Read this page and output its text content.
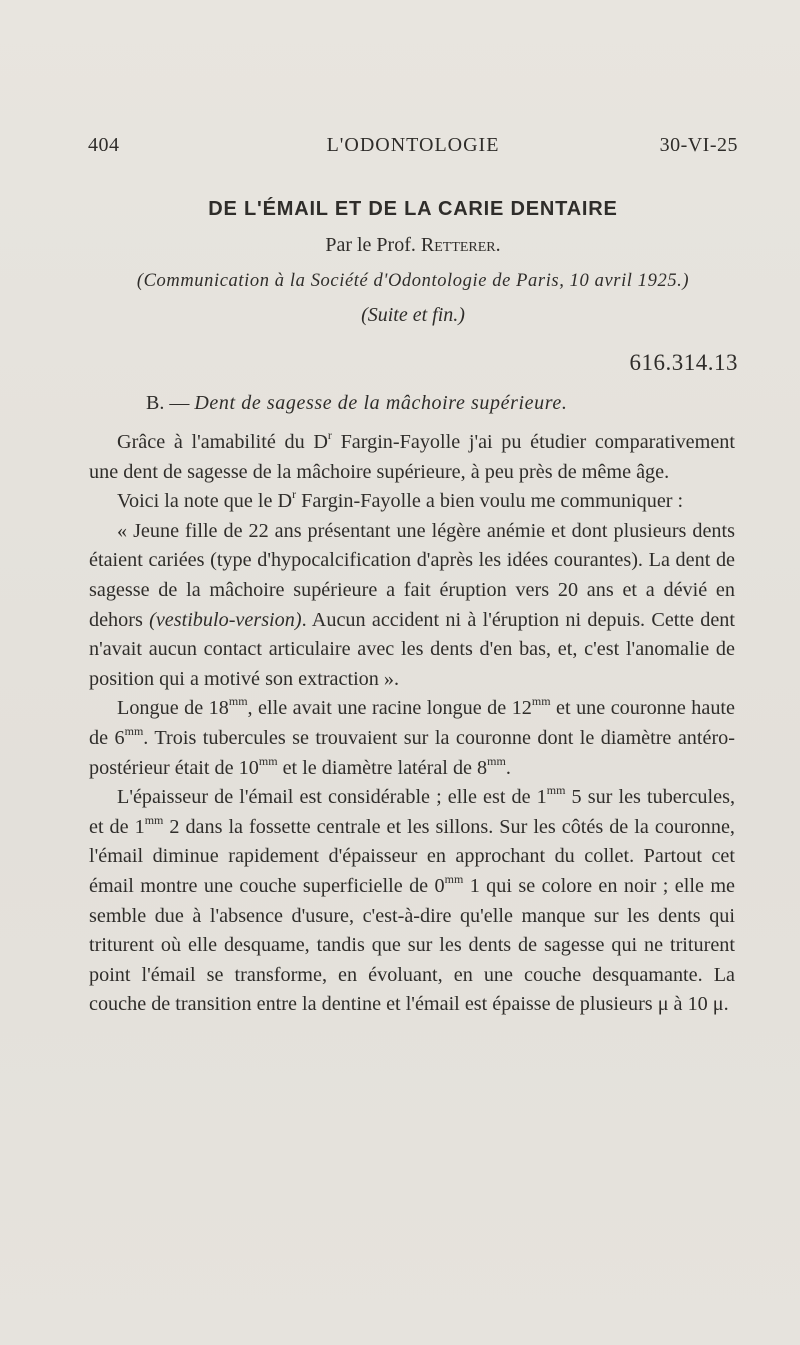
404	L'ODONTOLOGIE	30-VI-25
DE L'ÉMAIL ET DE LA CARIE DENTAIRE
Par le Prof. Retterer.
(Communication à la Société d'Odontologie de Paris, 10 avril 1925.)
(Suite et fin.)
616.314.13
B. — Dent de sagesse de la mâchoire supérieure.

Grâce à l'amabilité du $D^r$ Fargin-Fayolle j'ai pu étudier comparativement une dent de sagesse de la mâchoire supérieure, à peu près de même âge.

Voici la note que le $D^r$ Fargin-Fayolle a bien voulu me communiquer :

« Jeune fille de 22 ans présentant une légère anémie et dont plusieurs dents étaient cariées (type d'hypocalcification d'après les idées courantes). La dent de sagesse de la mâchoire supérieure a fait éruption vers 20 ans et a dévié en dehors (vestibulo-version). Aucun accident ni à l'éruption ni depuis. Cette dent n'avait aucun contact articulaire avec les dents d'en bas, et, c'est l'anomalie de position qui a motivé son extraction ».

Longue de $18^{mm}$, elle avait une racine longue de $12^{mm}$ et une couronne haute de $6^{mm}$. Trois tubercules se trouvaient sur la couronne dont le diamètre antéro-postérieur était de $10^{mm}$ et le diamètre latéral de $8^{mm}$.

L'épaisseur de l'émail est considérable ; elle est de $1^{mm}$ 5 sur les tubercules, et de $1^{mm}$ 2 dans la fossette centrale et les sillons. Sur les côtés de la couronne, l'émail diminue rapidement d'épaisseur en approchant du collet. Partout cet émail montre une couche superficielle de $0^{mm}$ 1 qui se colore en noir ; elle me semble due à l'absence d'usure, c'est-à-dire qu'elle manque sur les dents qui triturent où elle desquame, tandis que sur les dents de sagesse qui ne triturent point l'émail se transforme, en évoluant, en une couche desquamante. La couche de transition entre la dentine et l'émail est épaisse de plusieurs μ à 10 μ.
